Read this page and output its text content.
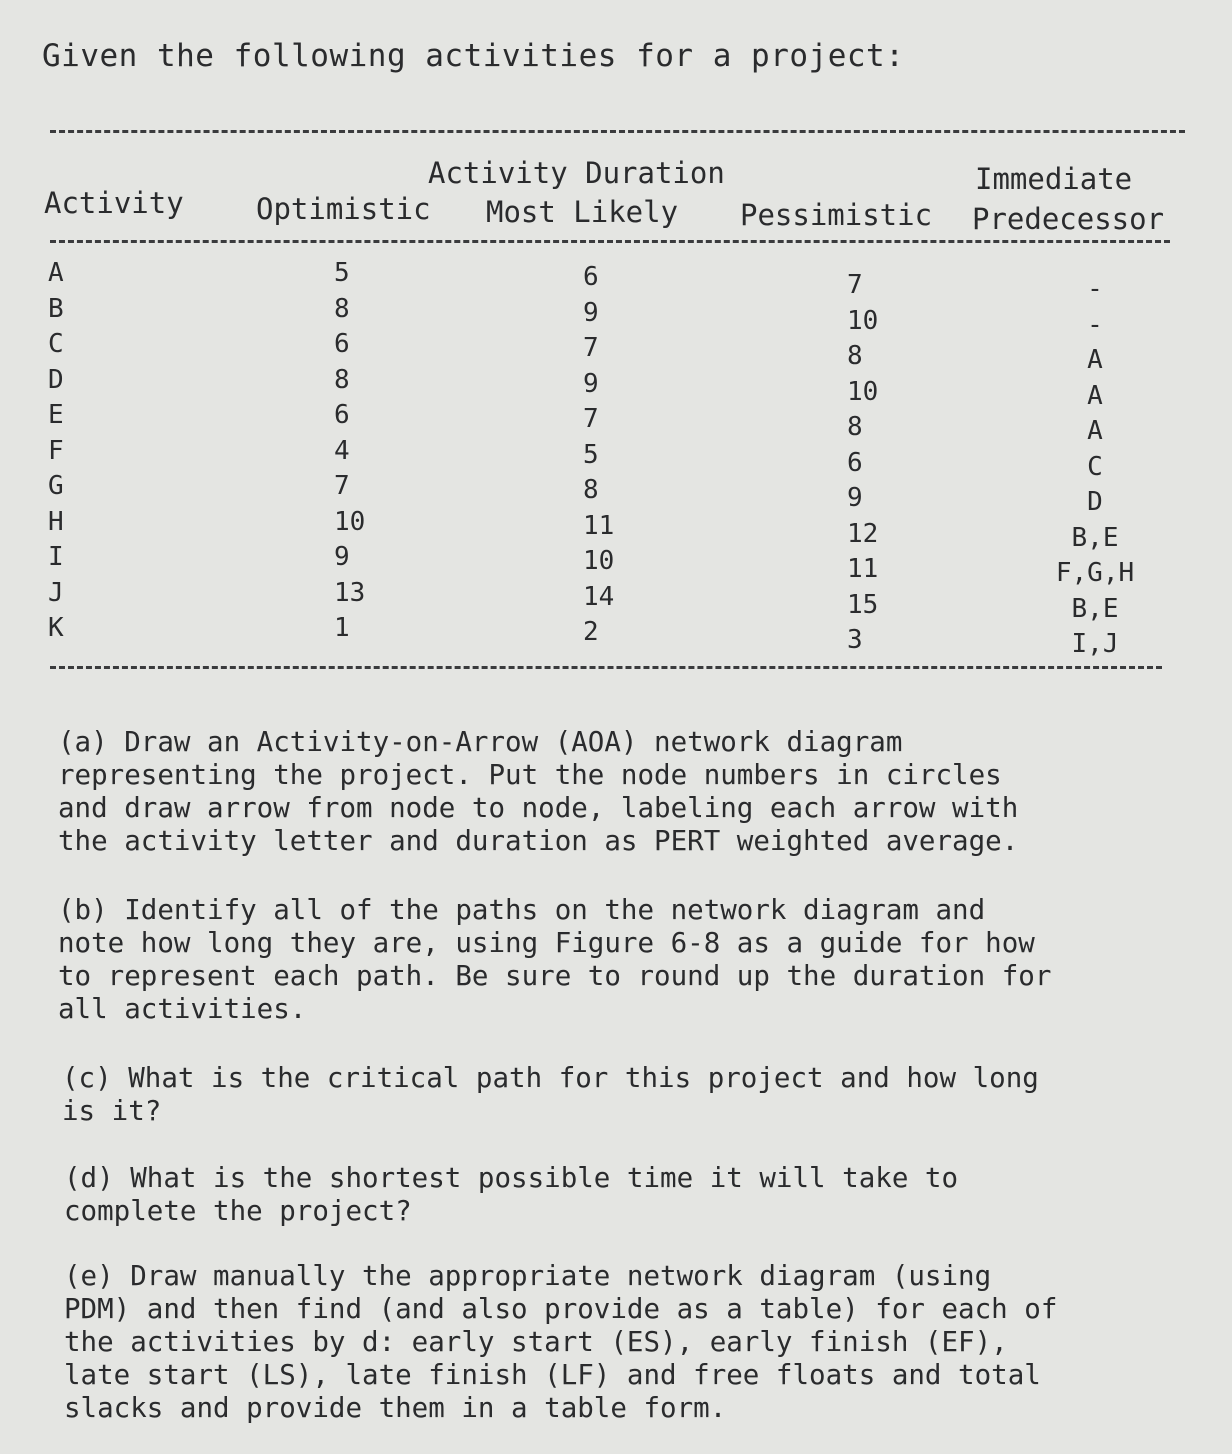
Given the following activities for a project:
Activity Duration	Immediate
Activity Optimistic Most Likely Pessimistic Predecessor
A
B
C
D
E
F
G
H
I
J
K
5
8
6
8
6
4
7
10
9
13
1
6
9
7
9
7
5
8
11
10
14
2
7
10
8
10
8
6
9
12
11
15
3
-
-
A
A
A
C
D
B,E
F,G,H
B,E
I,J
(a) Draw an Activity-on-Arrow (AOA) network diagram
representing the project. Put the node numbers in circles
and draw arrow from node to node, labeling each arrow with
the activity letter and duration as PERT weighted average.
(b) Identify all of the paths on the network diagram and
note how long they are, using Figure 6-8 as a guide for how
to represent each path. Be sure to round up the duration for
all activities.
(c) What is the critical path for this project and how long
is it?
(d) What is the shortest possible time it will take to
complete the project?
(e) Draw manually the appropriate network diagram (using
PDM) and then find (and also provide as a table) for each of
the activities by d: early start (ES), early finish (EF),
late start (LS), late finish (LF) and free floats and total
slacks and provide them in a table form.
